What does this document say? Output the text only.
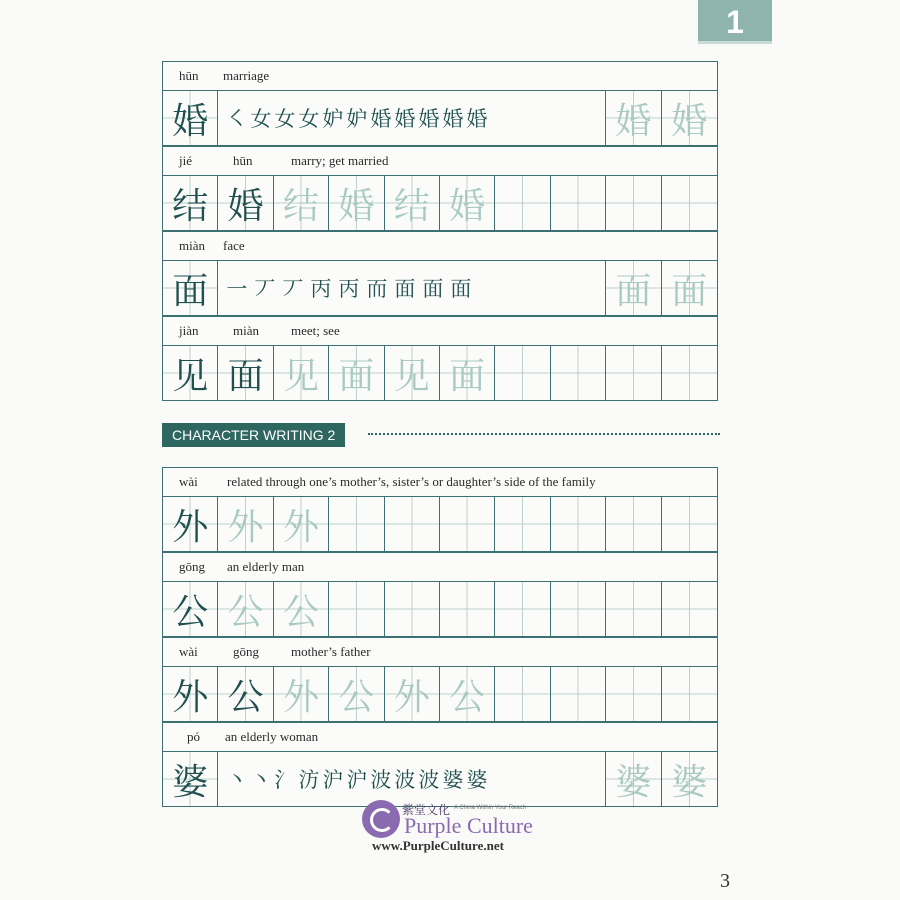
1
hūn	marriage
婚 ㇛ 女 女 女 妒 妒 婚 婚 婚 婚 婚	婚 婚
jié	hūn	marry; get married
结 婚 结 婚 结 婚
miàn	face
面 一 丆 丆 丙 丙 而 面 面 面	面 面
jiàn	miàn	meet; see
见 面 见 面 见 面
CHARACTER WRITING 2
wài	related through one’s mother’s, sister’s or daughter’s side of the family
外 外 外
gōng	an elderly man
公 公 公
wài	gōng	mother’s father
外 公 外 公 外 公
pó	an elderly woman
婆 丶 丶 氵 汸 沪 沪 波 波 波 婆 婆	婆 婆
紫堂文化 A China Within Your Reach
Purple Culture
www.PurpleCulture.net
3
